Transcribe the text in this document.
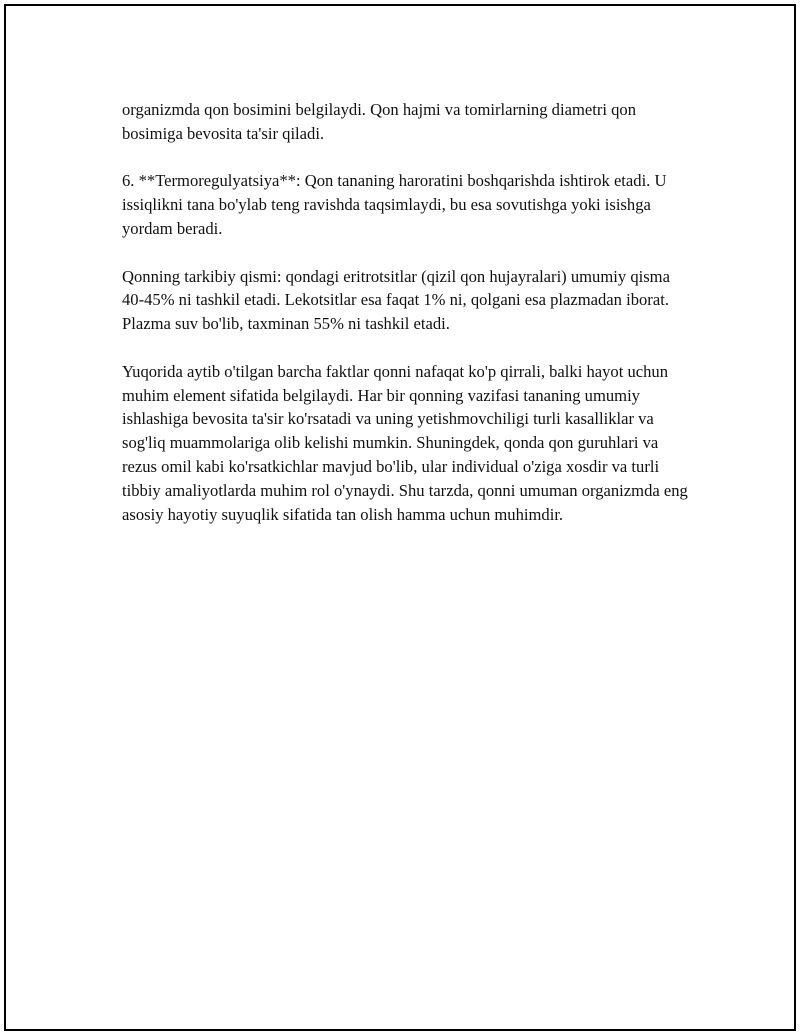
organizmda qon bosimini belgilaydi. Qon hajmi va tomirlarning diametri qon bosimiga bevosita ta'sir qiladi.

6. **Termoregulyatsiya**: Qon tananing haroratini boshqarishda ishtirok etadi. U issiqlikni tana bo'ylab teng ravishda taqsimlaydi, bu esa sovutishga yoki isishga yordam beradi.

Qonning tarkibiy qismi: qondagi eritrotsitlar (qizil qon hujayralari) umumiy qisma 40-45% ni tashkil etadi. Lekotsitlar esa faqat 1% ni, qolgani esa plazmadan iborat. Plazma suv bo'lib, taxminan 55% ni tashkil etadi.

Yuqorida aytib o'tilgan barcha faktlar qonni nafaqat ko'p qirrali, balki hayot uchun muhim element sifatida belgilaydi. Har bir qonning vazifasi tananing umumiy ishlashiga bevosita ta'sir ko'rsatadi va uning yetishmovchiligi turli kasalliklar va sog'liq muammolariga olib kelishi mumkin. Shuningdek, qonda qon guruhlari va rezus omil kabi ko'rsatkichlar mavjud bo'lib, ular individual o'ziga xosdir va turli tibbiy amaliyotlarda muhim rol o'ynaydi. Shu tarzda, qonni umuman organizmda eng asosiy hayotiy suyuqlik sifatida tan olish hamma uchun muhimdir.
